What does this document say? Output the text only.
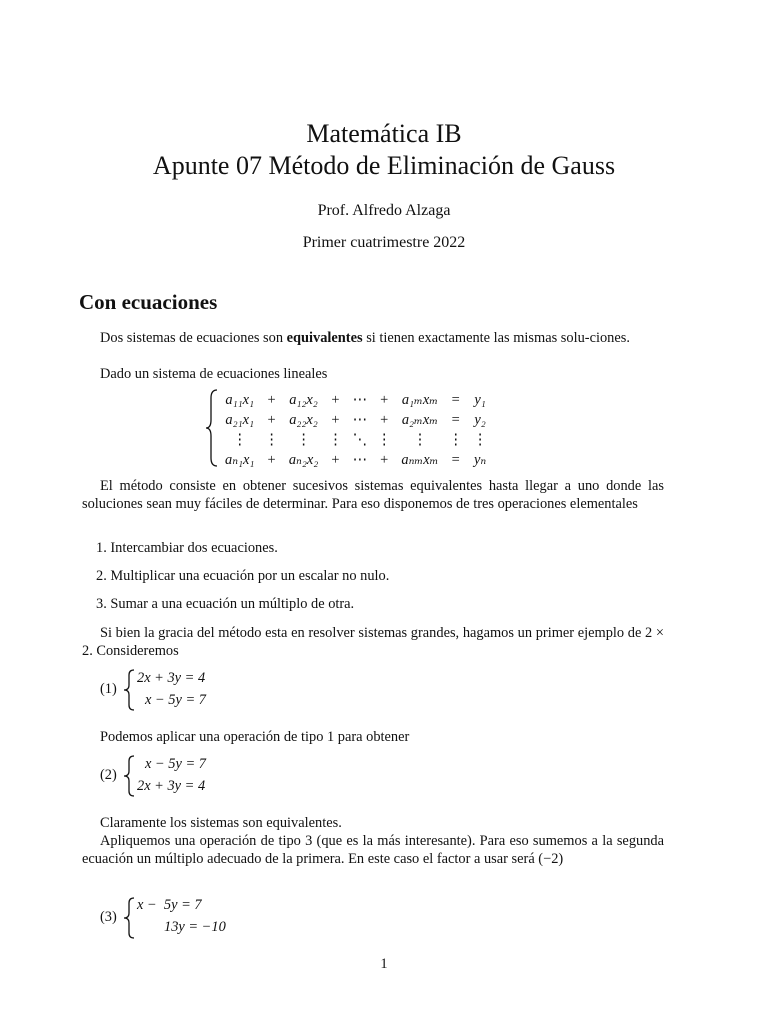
Matemática IB
Apunte 07 Método de Eliminación de Gauss
Prof. Alfredo Alzaga
Primer cuatrimestre 2022
Con ecuaciones
Dos sistemas de ecuaciones son equivalentes si tienen exactamente las mismas solu-ciones.
Dado un sistema de ecuaciones lineales
a₁₁x₁	+	a₁₂x₂	+	⋯	+	a₁ₘxₘ	=	y₁
a₂₁x₁	+	a₂₂x₂	+	⋯	+	a₂ₘxₘ	=	y₂
⋮	⋮	⋮	⋮	⋱	⋮	⋮	⋮	⋮
aₙ₁x₁	+	aₙ₂x₂	+	⋯	+	aₙₘxₘ	=	yₙ
El método consiste en obtener sucesivos sistemas equivalentes hasta llegar a uno donde las soluciones sean muy fáciles de determinar. Para eso disponemos de tres operaciones elementales
1. Intercambiar dos ecuaciones.
2. Multiplicar una ecuación por un escalar no nulo.
3. Sumar a una ecuación un múltiplo de otra.
Si bien la gracia del método esta en resolver sistemas grandes, hagamos un primer ejemplo de 2 × 2. Consideremos
(1)
2x + 3y = 4
x − 5y = 7
Podemos aplicar una operación de tipo 1 para obtener
(2)
x − 5y = 7
2x + 3y = 4
Claramente los sistemas son equivalentes.
Apliquemos una operación de tipo 3 (que es la más interesante). Para eso sumemos a la segunda ecuación un múltiplo adecuado de la primera. En este caso el factor a usar será (−2)
(3)
x −  5y = 7
13y = −10
1
